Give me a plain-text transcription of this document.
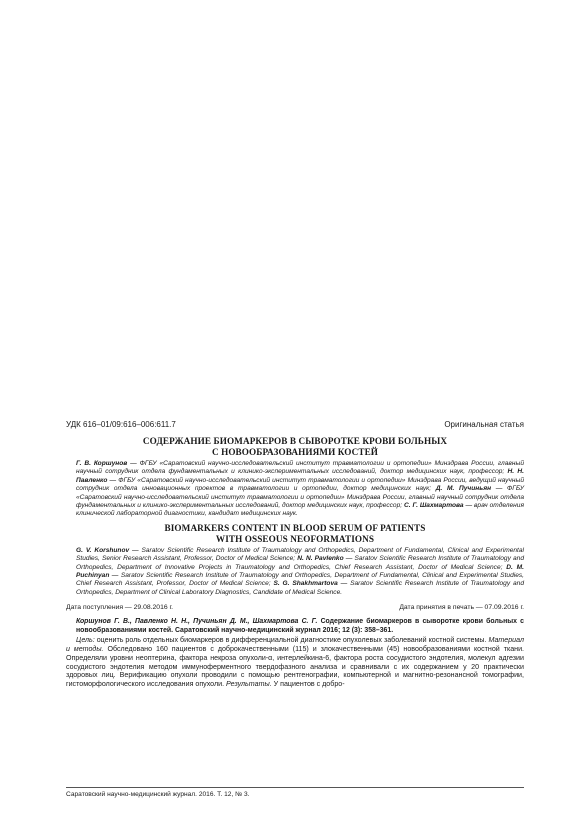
УДК 616–01/09:616–006:611.7	Оригинальная статья
СОДЕРЖАНИЕ БИОМАРКЕРОВ В СЫВОРОТКЕ КРОВИ БОЛЬНЫХ
С НОВООБРАЗОВАНИЯМИ КОСТЕЙ

Г. В. Коршунов — ФГБУ «Саратовский научно-исследовательский институт травматологии и ортопедии» Минздрава России, главный научный сотрудник отдела фундаментальных и клинико-экспериментальных исследований, доктор медицинских наук, профессор; Н. Н. Павленко — ФГБУ «Саратовский научно-исследовательский институт травматологии и ортопедии» Минздрава России, ведущий научный сотрудник отдела инновационных проектов в травматологии и ортопедии, доктор медицинских наук; Д. М. Пучиньян — ФГБУ «Саратовский научно-исследовательский институт травматологии и ортопедии» Минздрава России, главный научный сотрудник отдела фундаментальных и клинико-экспериментальных исследований, доктор медицинских наук, профессор; С. Г. Шахмартова — врач отделения клинической лабораторной диагностики, кандидат медицинских наук.

BIOMARKERS CONTENT IN BLOOD SERUM OF PATIENTS
WITH OSSEOUS NEOFORMATIONS

G. V. Korshunov — Saratov Scientific Research Institute of Traumatology and Orthopedics, Department of Fundamental, Clinical and Experimental Studies, Senior Research Assistant, Professor, Doctor of Medical Science; N. N. Pavlenko — Saratov Scientific Research Institute of Traumatology and Orthopedics, Department of Innovative Projects in Traumatology and Orthopedics, Chief Research Assistant, Doctor of Medical Science; D. M. Puchinyan — Saratov Scientific Research Institute of Traumatology and Orthopedics, Department of Fundamental, Clinical and Experimental Studies, Chief Research Assistant, Professor, Doctor of Medical Science; S. G. Shakhmartova — Saratov Scientific Research Institute of Traumatology and Orthopedics, Department of Clinical Laboratory Diagnostics, Candidate of Medical Science.

Дата поступления — 29.08.2016 г.	Дата принятия в печать — 07.09.2016 г.

Коршунов Г. В., Павленко Н. Н., Пучиньян Д. М., Шахмартова С. Г. Содержание биомаркеров в сыворотке крови больных с новообразованиями костей. Саратовский научно-медицинский журнал 2016; 12 (3): 358–361.

Цель: оценить роль отдельных биомаркеров в дифференциальной диагностике опухолевых заболеваний костной системы. Материал и методы. Обследовано 160 пациентов с доброкачественными (115) и злокачественными (45) новообразованиями костной ткани. Определяли уровни неоптерина, фактора некроза опухоли-α, интерлейкина-6, фактора роста сосудистого эндотелия, молекул адгезии сосудистого эндотелия методом иммуноферментного твердофазного анализа и сравнивали с их содержанием у 20 практически здоровых лиц. Верификацию опухоли проводили с помощью рентгенографии, компьютерной и магнитно-резонансной томографии, гистоморфологического исследования опухоли. Результаты. У пациентов с добро-

Саратовский научно-медицинский журнал. 2016. Т. 12, № 3.
